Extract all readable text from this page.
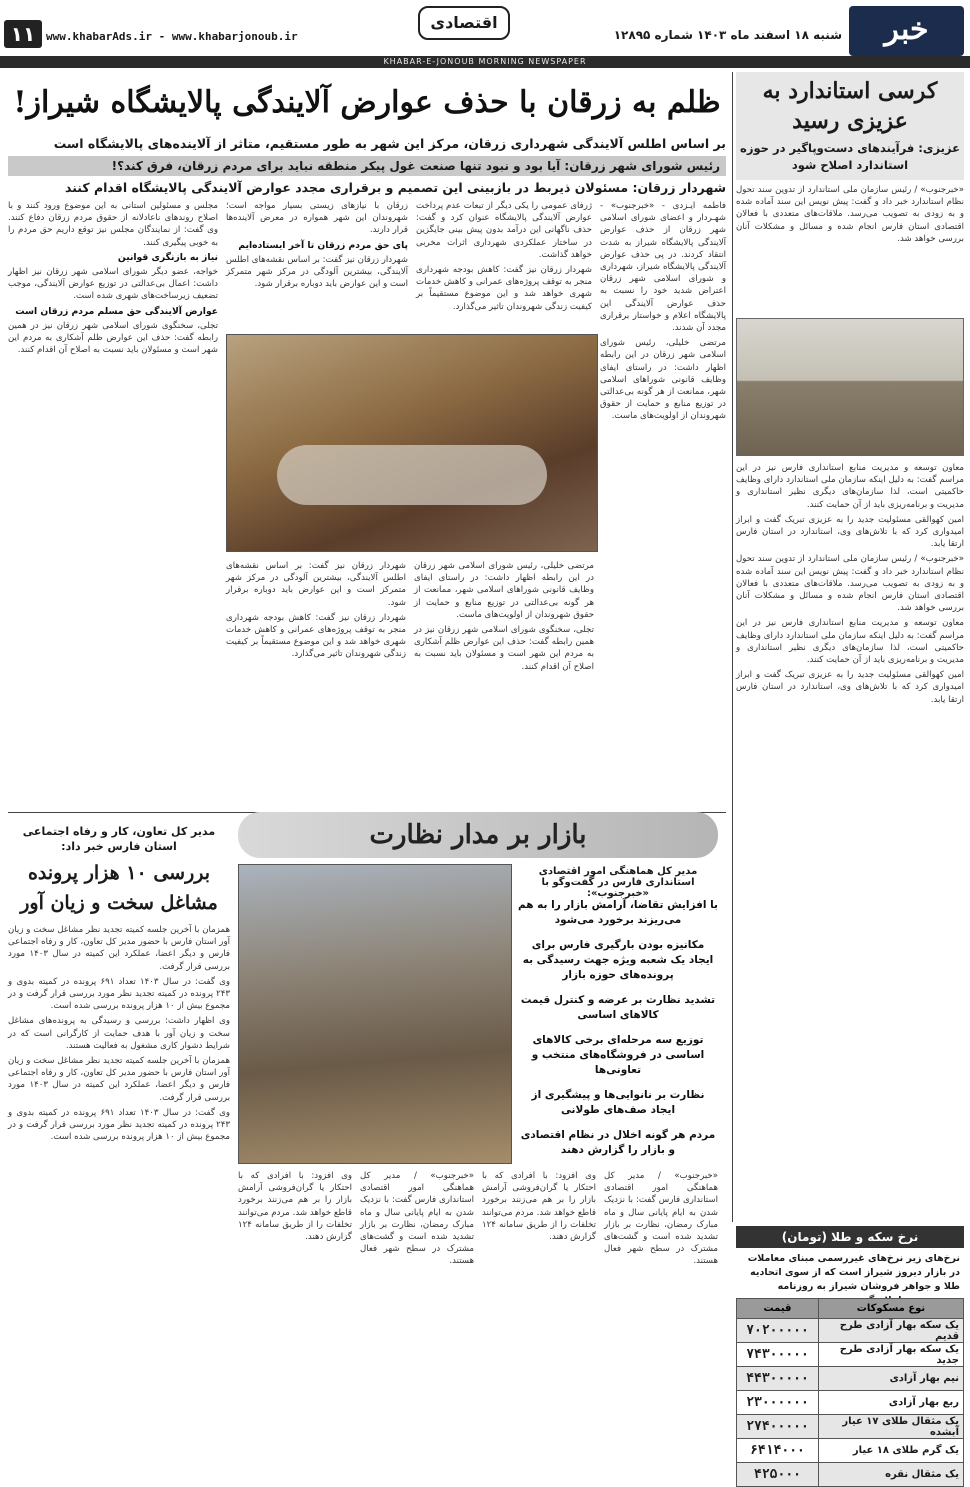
خبر
شنبه ۱۸ اسفند ماه ۱۴۰۳ شماره ۱۲۸۹۵
اقتصادی
www.khabarAds.ir - www.khabarjonoub.ir
۱۱
KHABAR-E-JONOUB MORNING NEWSPAPER
ظلم به زرقان با حذف عوارض آلایندگی پالایشگاه شیراز!
بر اساس اطلس آلایندگی شهرداری زرقان، مرکز این شهر به طور مستقیم، متاثر از آلاینده‌های پالایشگاه است
رئیس شورای شهر زرقان: آیا بود و نبود تنها صنعت غول پیکر منطقه نباید برای مردم زرقان، فرق کند؟!
شهردار زرقان: مسئولان ذیربط در بازبینی این تصمیم و برقراری مجدد عوارض آلایندگی پالایشگاه اقدام کنند

فاطمه ایـزدی - «خبرجنوب» - شهـردار و اعضای شورای اسلامی شهر زرقان از حذف عوارض آلایندگی پالایشگاه شیراز به شدت انتقاد کردند. در پی حذف عوارض آلایندگی پالایشگاه شیراز، شهرداری و شورای اسلامی شهر زرقان اعتراض شدید خود را نسبت به حذف عوارض آلایندگی این پالایشگاه اعلام و خواستار برقراری مجدد آن شدند.

مرتضی خلیلی، رئیس شورای اسلامی شهر زرقان در این رابطه اظهار داشت: در راستای ایفای وظایف قانونی شوراهای اسلامی شهر، ممانعت از هر گونه بی‌عدالتی در توزیع منابع و حمایت از حقوق شهروندان از اولویت‌های ماست.

ژرفای عمومی را یکی دیگر از تبعات عدم پرداخت عوارض آلایندگی پالایشگاه عنوان کرد و گفت: حذف ناگهانی این درآمد بدون پیش بینی جایگزین در ساختار عملکردی شهرداری اثرات مخربی خواهد گذاشت.

شهردار زرقان نیز گفت: کاهش بودجه شهرداری منجر به توقف پروژه‌های عمرانی و کاهش خدمات شهری خواهد شد و این موضوع مستقیماً بر کیفیت زندگی شهروندان تاثیر می‌گذارد.

زرقان با نیازهای زیستی بسیار مواجه است؛ شهروندان این شهر همواره در معرض آلاینده‌ها قرار دارند.

پای حق مردم زرقان تا آخر ایستاده‌ایم

شهردار زرقان نیز گفت: بر اساس نقشه‌های اطلس آلایندگی، بیشترین آلودگی در مرکز شهر متمرکز است و این عوارض باید دوباره برقرار شود.

مجلس و مسئولین استانی به این موضوع ورود کنند و با اصلاح روندهای ناعادلانه از حقوق مردم زرقان دفاع کنند. وی گفت: از نمایندگان مجلس نیز توقع داریم حق مردم را به خوبی پیگیری کنند.

نیاز به بازنگری قوانین

خواجه، عضو دیگر شورای اسلامی شهر زرقان نیز اظهار داشت: اعمال بی‌عدالتی در توزیع عوارض آلایندگی، موجب تضعیف زیرساخت‌های شهری شده است.

عوارض آلایندگی حق مسلم مردم زرقان است

تجلی، سخنگوی شورای اسلامی شهر زرقان نیز در همین رابطه گفت: حذف این عوارض ظلم آشکاری به مردم این شهر است و مسئولان باید نسبت به اصلاح آن اقدام کنند.

شهردار زرقان نیز گفت: بر اساس نقشه‌های اطلس آلایندگی، بیشترین آلودگی در مرکز شهر متمرکز است و این عوارض باید دوباره برقرار شود.

شهردار زرقان نیز گفت: کاهش بودجه شهرداری منجر به توقف پروژه‌های عمرانی و کاهش خدمات شهری خواهد شد و این موضوع مستقیماً بر کیفیت زندگی شهروندان تاثیر می‌گذارد.

مرتضی خلیلی، رئیس شورای اسلامی شهر زرقان در این رابطه اظهار داشت: در راستای ایفای وظایف قانونی شوراهای اسلامی شهر، ممانعت از هر گونه بی‌عدالتی در توزیع منابع و حمایت از حقوق شهروندان از اولویت‌های ماست.

تجلی، سخنگوی شورای اسلامی شهر زرقان نیز در همین رابطه گفت: حذف این عوارض ظلم آشکاری به مردم این شهر است و مسئولان باید نسبت به اصلاح آن اقدام کنند.

کرسی استاندارد به عزیزی رسید
عزیزی: فرآیندهای دست‌وپاگیر در حوزه استاندارد اصلاح شود

«خبرجنوب» / رئیس سازمان ملی استاندارد از تدوین سند تحول نظام استاندارد خبر داد و گفت: پیش نویس این سند آماده شده و به زودی به تصویب می‌رسد. ملاقات‌های متعددی با فعالان اقتصادی استان فارس انجام شده و مسائل و مشکلات آنان بررسی خواهد شد.

معاون توسعه و مدیریت منابع استانداری فارس نیز در این مراسم گفت: به دلیل اینکه سازمان ملی استاندارد دارای وظایف حاکمیتی است، لذا سازمان‌های دیگری نظیر استانداری و مدیریت و برنامه‌ریزی باید از آن حمایت کنند.

امین کهوالقی مسئولیت جدید را به عزیزی تبریک گفت و ابراز امیدواری کرد که با تلاش‌های وی، استاندارد در استان فارس ارتقا یابد.

«خبرجنوب» / رئیس سازمان ملی استاندارد از تدوین سند تحول نظام استاندارد خبر داد و گفت: پیش نویس این سند آماده شده و به زودی به تصویب می‌رسد. ملاقات‌های متعددی با فعالان اقتصادی استان فارس انجام شده و مسائل و مشکلات آنان بررسی خواهد شد.

معاون توسعه و مدیریت منابع استانداری فارس نیز در این مراسم گفت: به دلیل اینکه سازمان ملی استاندارد دارای وظایف حاکمیتی است، لذا سازمان‌های دیگری نظیر استانداری و مدیریت و برنامه‌ریزی باید از آن حمایت کنند.

امین کهوالقی مسئولیت جدید را به عزیزی تبریک گفت و ابراز امیدواری کرد که با تلاش‌های وی، استاندارد در استان فارس ارتقا یابد.

بازار بر مدار نظارت
مدیر کل هماهنگی امور اقتصادی استانداری فارس در گفت‌وگو با «خبرجنوب»:
با افزایش تقاضا، آرامش بازار را به هم می‌ریزند برخورد می‌شود
مکانیزه بودن بارگیری فارس برای ایجاد یک شعبه ویژه جهت رسیدگی به پرونده‌های حوزه بازار
تشدید نظارت بر عرضه و کنترل قیمت کالاهای اساسی
توزیع سه مرحله‌ای برخی کالاهای اساسی در فروشگاه‌های منتخب و تعاونی‌ها
نظارت بر نانوایی‌ها و پیشگیری از ایجاد صف‌های طولانی
مردم هر گونه اخلال در نظام اقتصادی و بازار را گزارش دهند

«خبرجنوب» / مدیر کل هماهنگی امور اقتصادی استانداری فارس گفت: با نزدیک شدن به ایام پایانی سال و ماه مبارک رمضان، نظارت بر بازار تشدید شده است و گشت‌های مشترک در سطح شهر فعال هستند.

وی افزود: با افرادی که با احتکار یا گران‌فروشی آرامش بازار را بر هم می‌زنند برخورد قاطع خواهد شد. مردم می‌توانند تخلفات را از طریق سامانه ۱۲۴ گزارش دهند.

«خبرجنوب» / مدیر کل هماهنگی امور اقتصادی استانداری فارس گفت: با نزدیک شدن به ایام پایانی سال و ماه مبارک رمضان، نظارت بر بازار تشدید شده است و گشت‌های مشترک در سطح شهر فعال هستند.

وی افزود: با افرادی که با احتکار یا گران‌فروشی آرامش بازار را بر هم می‌زنند برخورد قاطع خواهد شد. مردم می‌توانند تخلفات را از طریق سامانه ۱۲۴ گزارش دهند.

مدیر کل تعاون، کار و رفاه اجتماعی استان فارس خبر داد:
بررسی ۱۰ هزار پرونده مشاغل سخت و زیان آور

همزمان با آخرین جلسه کمیته تجدید نظر مشاغل سخت و زیان آور استان فارس با حضور مدیر کل تعاون، کار و رفاه اجتماعی فارس و دیگر اعضا، عملکرد این کمیته در سال ۱۴۰۳ مورد بررسی قرار گرفت.

وی گفت: در سال ۱۴۰۳ تعداد ۶۹۱ پرونده در کمیته بدوی و ۲۴۳ پرونده در کمیته تجدید نظر مورد بررسی قرار گرفت و در مجموع بیش از ۱۰ هزار پرونده بررسی شده است.

وی اظهار داشت: بررسی و رسیدگی به پرونده‌های مشاغل سخت و زیان آور با هدف حمایت از کارگرانی است که در شرایط دشوار کاری مشغول به فعالیت هستند.

همزمان با آخرین جلسه کمیته تجدید نظر مشاغل سخت و زیان آور استان فارس با حضور مدیر کل تعاون، کار و رفاه اجتماعی فارس و دیگر اعضا، عملکرد این کمیته در سال ۱۴۰۳ مورد بررسی قرار گرفت.

وی گفت: در سال ۱۴۰۳ تعداد ۶۹۱ پرونده در کمیته بدوی و ۲۴۳ پرونده در کمیته تجدید نظر مورد بررسی قرار گرفت و در مجموع بیش از ۱۰ هزار پرونده بررسی شده است.

نرخ سکه و طلا (تومان)
نرخ‌های زیر نرخ‌های غیررسمی مبنای معاملات در بازار دیروز شیراز است که از سوی اتحادیه طلا و جواهر فروشان شیراز به روزنامه
نوع مسکوکات	قیمت
یک سکه بهار آزادی طرح قدیم	۷۰۲۰۰۰۰۰
یک سکه بهار آزادی طرح جدید	۷۴۳۰۰۰۰۰
نیم بهار آزادی	۴۴۳۰۰۰۰۰
ربع بهار آزادی	۲۳۰۰۰۰۰۰
یک مثقال طلای ۱۷ عیار آبشده	۲۷۴۰۰۰۰۰
یک گرم طلای ۱۸ عیار	۶۴۱۴۰۰۰
یک مثقال نقره	۴۲۵۰۰۰
